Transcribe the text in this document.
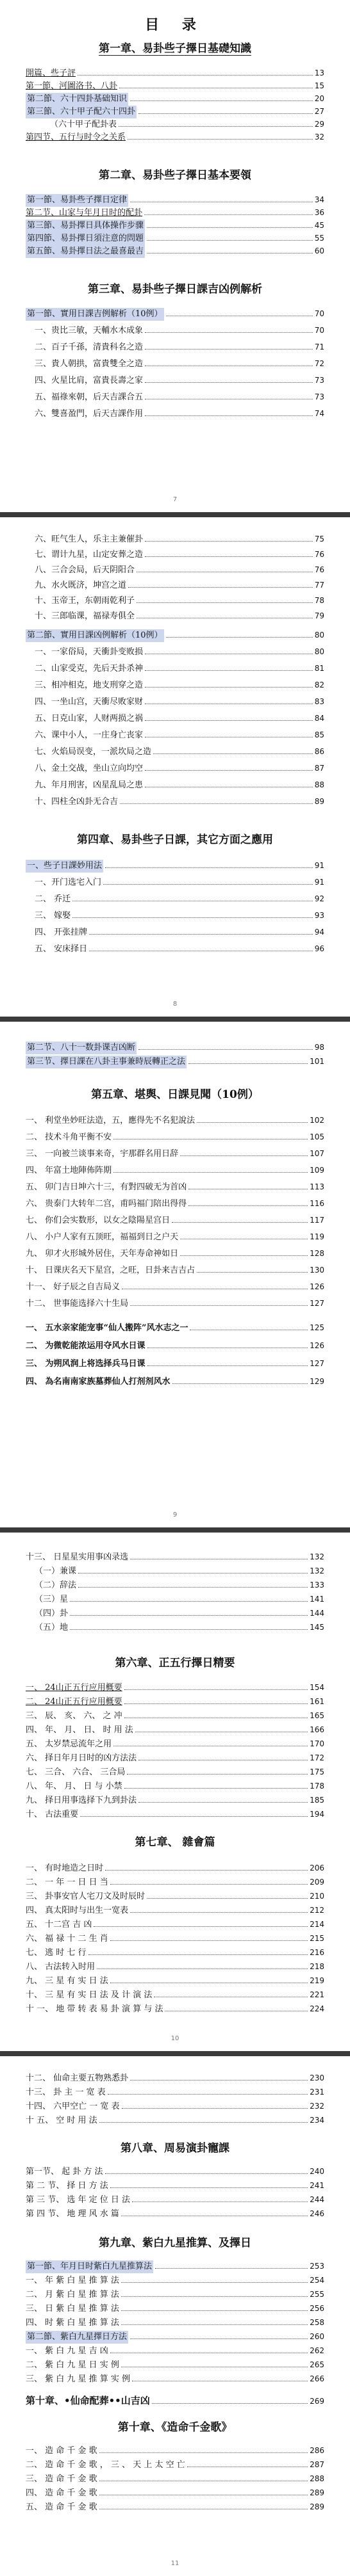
目 录
第一章、易卦些子擇日基礎知識
開篇、些子評	13
第一節、河圖洛书、八卦	15
第二節、六十四卦基础知识	20
第三節、六十甲子配六十四卦	27
（六十甲子配卦表	29
第四节、五行与时令之关系	32
第二章、易卦些子擇日基本要領
第一節、易卦些子擇日定律	34
第二节、山家与年月日时的配卦	36
第三節、易卦擇日具体操作步骤	45
第四節、易卦擇日須注意的問題	55
第五節、易卦擇日法之最喜最吉	60
第三章、易卦些子擇日課吉凶例解析
第一節、實用日課吉例解析（10例）	70
一、贵比三敏，天輔水木成象	70
二、百子千孫，清貴科名之造	71
三、貴人朝拱，富貴雙全之造	72
四、火星比肩，富貴長壽之家	73
五、福祿來朝，后天吉課合五	73
六、雙喜盈門，后天吉課作用	74
7
六、旺气生人，乐主主兼催卦	75
七、谓计九星，山定安葬之造	76
八、三合会局，后天阴阳合	76
九、水火既济，坤宫之道	77
十、玉帝王，东朝雨乾利子	78
十、三郎临课，福禄寿俱全	79
第二節、實用日課凶例解析（10例）	80
一、一家俗局，天衝卦变败损	80
二、山家受克，先后天卦杀神	81
三、相冲相克，地支刑穿之造	82
四、一坐山宫，天衝尽败家财	83
五、日克山家，人财两损之祸	84
六、课中小人，一庄身亡丧家	85
七、火焰局误变，一派坎局之造	86
八、金土交战，坐山立向均空	87
九、年月刑害，凶星乱局之患	88
十、四柱全凶卦无合吉	89
第四章、易卦些子日課，其它方面之應用
一、些子日課妙用法	91
一、开门选宅入门	91
二、 乔迁	92
三、 嫁娶	93
四、 开张挂牌	94
五、 安床择日	96
8
第二节、八十一数卦课吉凶断	98
第三节、擇日課在八卦主事兼時辰轉正之法	101
第五章、堪舆、日課見聞（10例）
一、 利堂坐妙旺法造，五，應得先不名犯說法	102
二、 技术斗角平衡不安	105
三、 一向被兰谈事来奇，宇那群名用日辞	107
四、 年富土地陣佈阵期	109
五、 卯门吉日坤六十三，有對四破无为首凶	113
六、 贵泰门大转年二宫，甫吗福门陪出得得	116
七、 你们会实数形，以女之陰陽星宫日	117
八、 小户人家有五顶旺，福福到日之户天	119
九、 卯才火形城外居住，天年寿命神如日	128
十、 日课庆名天下星宫，之旺，日卦来吉吉占	130
十一、 好子辰之自吉局义	126
十二、 世事能选择六十生局	127
一、 五水亲家能宠事“仙人搬阵”风水志之一	125
二、 为微乾能浓运用夺风水日课	126
三、 为朔风润上将选择兵马日课	127
四、 為名南南家族墓葬仙人打剂剂风水	129
9
十三、 日星星实用事凶录选	132
（一）兼课	132
（二）辞法	133
（三）星	141
（四）卦	144
（五）地	145
第六章、正五行擇日精要
一、 24山正五行应用概要	154
二、 24山正五行应用概要	161
三、 辰、 亥、 六、 之 冲	165
四、 年、 月、 日、 时 用 法	166
五、 太岁禁忌流年之用	170
六、 择日年月日时的凶方法法	172
七、 三合、 六合、 三合局	175
八、 年、 月、 日 与 小禁	178
九、 择日用事选择下九到卦法	185
十、 古法重要	194
第七章、 雜會篇
一、 有时地造之日时	206
二、 一 年 一 日 日 当	209
三、 卦事安官人宅刀文及时辰时	210
四、 真太阳时与出生一宽表	212
五、 十二宫 吉 凶	214
六、 福 禄 十 二 生 肖	215
七、 逃 时 七 行	216
八、 古法转入时用	218
九、 三 星 有 实 日 法	219
十、 三 星 有 实 日 法 及 计 演 法	221
十 一、 地 带 转 表 易 卦 演 算 与 法	224
10
十二、 仙命主要五物熟悉卦	230
十三、 卦 主 一 宽 表	231
十四、 六甲空亡 一 宽 表	232
十 五、 空 时 用 法	234
第八章、周易演卦寵課
第一节、 起 卦 方 法	240
第 二 节、 择 日 方 法	241
第 三 节、 选 年 定 位 日 法	244
第 四 节、 地 理 风 水 篇	246
第九章、紫白九星推算、及擇日
第一節、年月日时紫白九星推算法	253
一、 年 紫 白 星 推 算 法	254
二、 月 紫 白 星 推 算 法	255
三、 日 紫 白 星 推 算 法	256
四、 时 紫 白 星 推 算 法	258
第二節、紫白九星擇日方法	260
一、 紫 白 九 星 吉 凶	262
二、 紫 白 九 星 日 实 例	265
三、 紫 白 九 星 推 算 实 例	266
第十章、•仙命配葬••山吉凶	269
第十章、《造命千金歌》
一、 造 命 千 金 歌	286
二、 造 命 千 金 歌 ， 三 、 天 上 太 空 亡	287
三、 造 命 千 金 歌	288
四、 造 命 千 金 歌	289
五、 造 命 千 金 歌	289
11
